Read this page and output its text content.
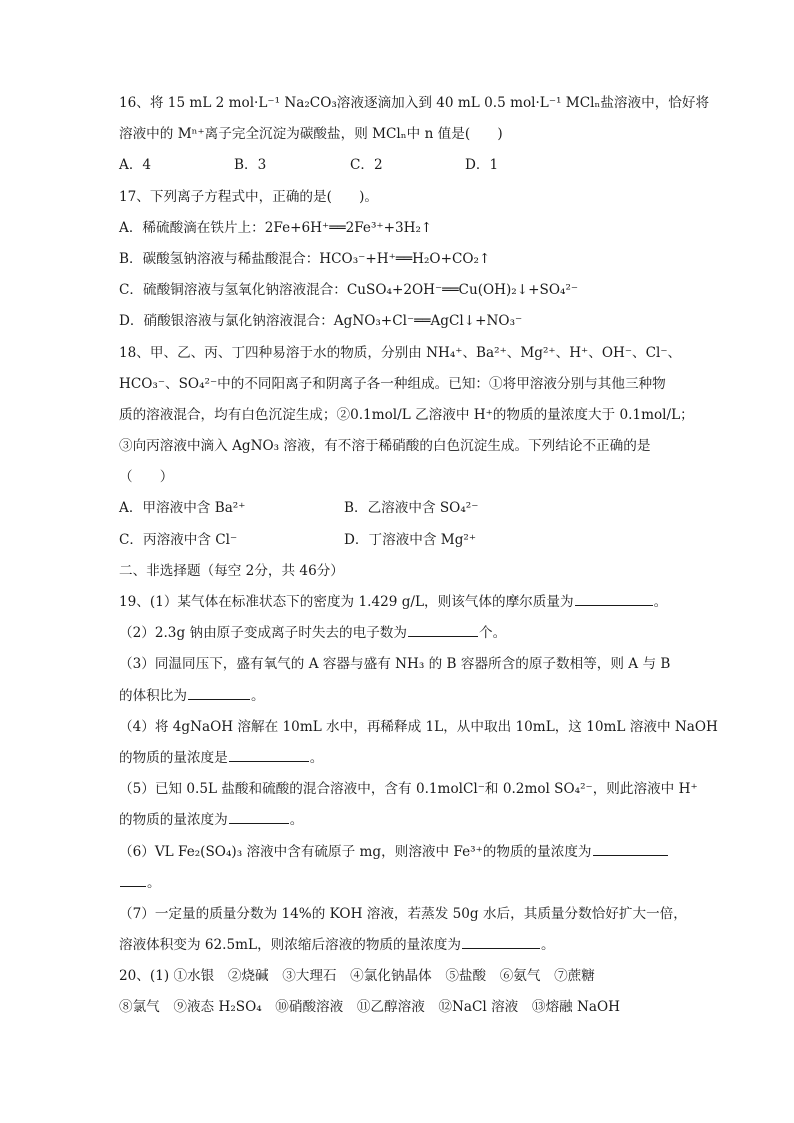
16、将 15 mL 2 mol·L⁻¹ Na₂CO₃溶液逐滴加入到 40 mL 0.5 mol·L⁻¹ MClₙ盐溶液中，恰好将
溶液中的 Mⁿ⁺离子完全沉淀为碳酸盐，则 MClₙ中 n 值是(　　)
A．4	B．3	C．2	D．1
17、下列离子方程式中，正确的是(　　)。
A．稀硫酸滴在铁片上：2Fe+6H⁺══2Fe³⁺+3H₂↑
B．碳酸氢钠溶液与稀盐酸混合：HCO₃⁻+H⁺══H₂O+CO₂↑
C．硫酸铜溶液与氢氧化钠溶液混合：CuSO₄+2OH⁻══Cu(OH)₂↓+SO₄²⁻
D．硝酸银溶液与氯化钠溶液混合：AgNO₃+Cl⁻══AgCl↓+NO₃⁻
18、甲、乙、丙、丁四种易溶于水的物质，分别由 NH₄⁺、Ba²⁺、Mg²⁺、H⁺、OH⁻、Cl⁻、
HCO₃⁻、SO₄²⁻中的不同阳离子和阴离子各一种组成。已知：①将甲溶液分别与其他三种物
质的溶液混合，均有白色沉淀生成；②0.1mol/L 乙溶液中 H⁺的物质的量浓度大于 0.1mol/L；
③向丙溶液中滴入 AgNO₃ 溶液，有不溶于稀硝酸的白色沉淀生成。下列结论不正确的是
（　　）
A．甲溶液中含 Ba²⁺	B．乙溶液中含 SO₄²⁻
C．丙溶液中含 Cl⁻	D．丁溶液中含 Mg²⁺
二、非选择题（每空 2分，共 46分）
19、(1）某气体在标准状态下的密度为 1.429 g/L，则该气体的摩尔质量为	。
（2）2.3g 钠由原子变成离子时失去的电子数为	个。
（3）同温同压下，盛有氧气的 A 容器与盛有 NH₃ 的 B 容器所含的原子数相等，则 A 与 B
的体积比为	。
（4）将 4gNaOH 溶解在 10mL 水中，再稀释成 1L，从中取出 10mL，这 10mL 溶液中 NaOH
的物质的量浓度是	。
（5）已知 0.5L 盐酸和硫酸的混合溶液中，含有 0.1molCl⁻和 0.2mol SO₄²⁻，则此溶液中 H⁺
的物质的量浓度为	。
（6）VL Fe₂(SO₄)₃ 溶液中含有硫原子 mg，则溶液中 Fe³⁺的物质的量浓度为
。
（7）一定量的质量分数为 14%的 KOH 溶液，若蒸发 50g 水后，其质量分数恰好扩大一倍，
溶液体积变为 62.5mL，则浓缩后溶液的物质的量浓度为	。
20、(1) ①水银　②烧碱　③大理石　④氯化钠晶体　⑤盐酸　⑥氨气　⑦蔗糖
⑧氯气　⑨液态 H₂SO₄　⑩硝酸溶液　⑪乙醇溶液　⑫NaCl 溶液　⑬熔融 NaOH
